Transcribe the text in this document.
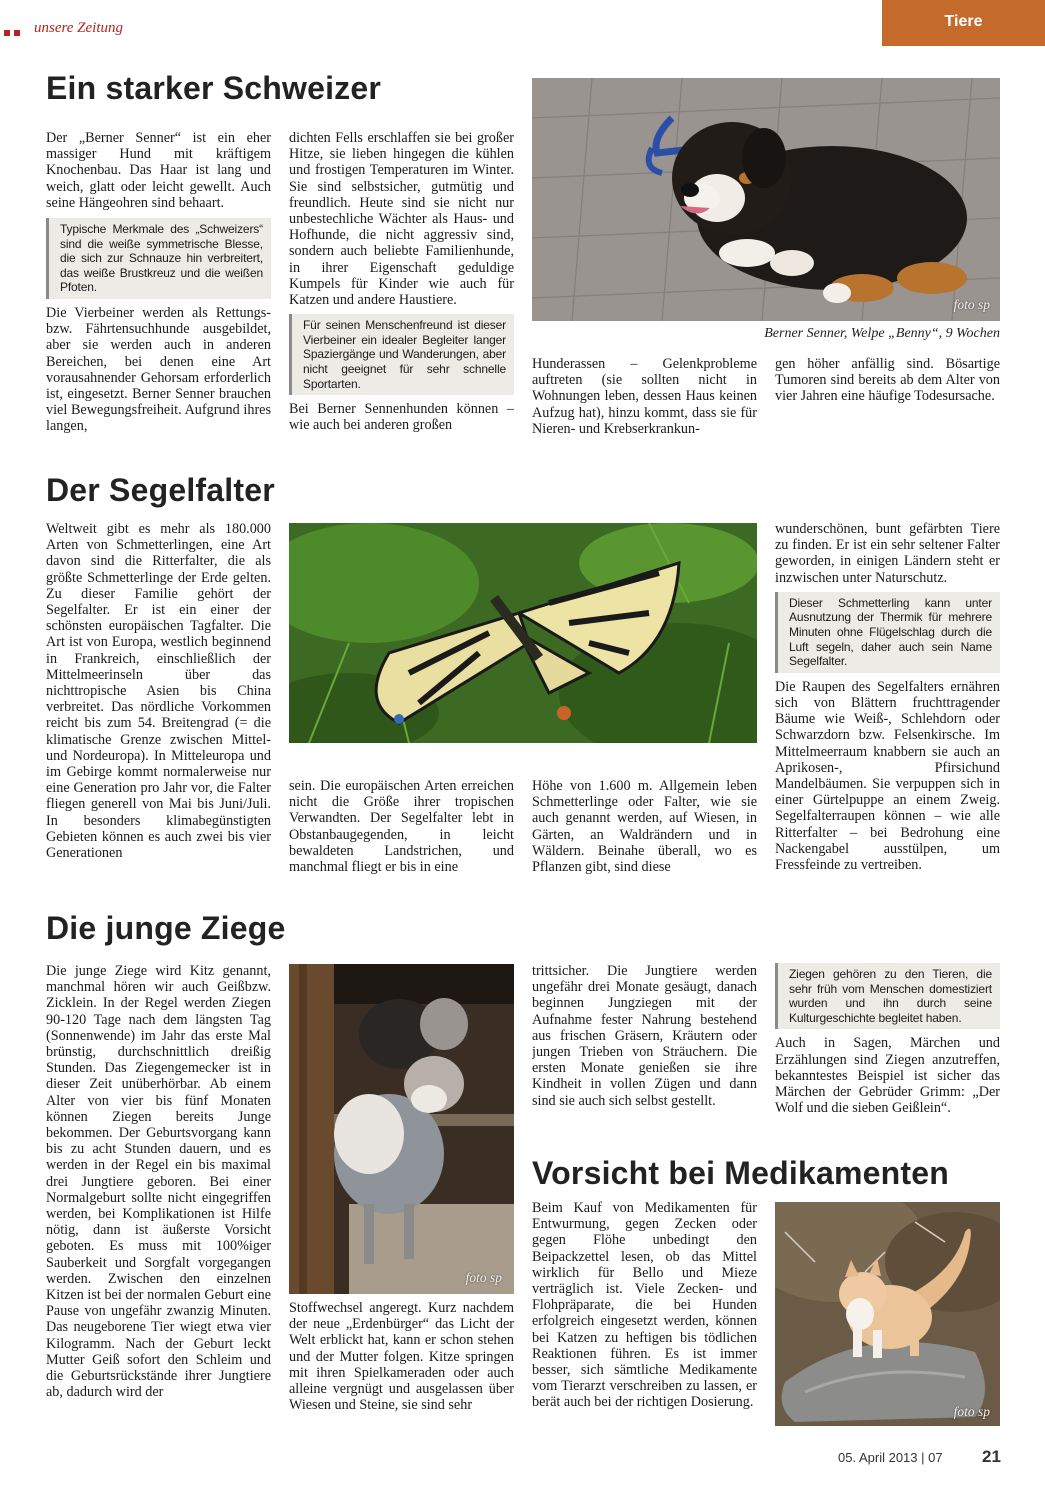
unsere Zeitung	Tiere
Ein starker Schweizer

Der „Berner Senner“ ist ein eher massiger Hund mit kräftigem Knochenbau. Das Haar ist lang und weich, glatt oder leicht gewellt. Auch seine Hängeohren sind behaart.

Typische Merkmale des „Schweizers“ sind die weiße symmetrische Blesse, die sich zur Schnauze hin verbreitert, das weiße Brustkreuz und die weißen Pfoten.

Die Vierbeiner werden als Rettungs- bzw. Fährtensuchhunde ausgebildet, aber sie werden auch in anderen Bereichen, bei denen eine Art vorausahnender Gehorsam erforderlich ist, eingesetzt. Berner Senner brauchen viel Bewegungsfreiheit. Aufgrund ihres langen,

dichten Fells erschlaffen sie bei großer Hitze, sie lieben hingegen die kühlen und frostigen Temperaturen im Winter. Sie sind selbstsicher, gutmütig und freundlich. Heute sind sie nicht nur unbestechliche Wächter als Haus- und Hofhunde, die nicht aggressiv sind, sondern auch beliebte Familienhunde, in ihrer Eigenschaft geduldige Kumpels für Kinder wie auch für Katzen und andere Haustiere.

Für seinen Menschenfreund ist dieser Vierbeiner ein idealer Begleiter langer Spaziergänge und Wanderungen, aber nicht geeignet für sehr schnelle Sportarten.

Bei Berner Sennenhunden können – wie auch bei anderen großen

foto sp
Berner Senner, Welpe „Benny“, 9 Wochen

Hunderassen – Gelenkprobleme auftreten (sie sollten nicht in Wohnungen leben, dessen Haus keinen Aufzug hat), hinzu kommt, dass sie für Nieren- und Krebserkrankun-

gen höher anfällig sind. Bösartige Tumoren sind bereits ab dem Alter von vier Jahren eine häufige Todesursache.

Der Segelfalter

Weltweit gibt es mehr als 180.000 Arten von Schmetterlingen, eine Art davon sind die Ritterfalter, die als größte Schmetterlinge der Erde gelten. Zu dieser Familie gehört der Segelfalter. Er ist ein einer der schönsten europäischen Tagfalter. Die Art ist von Europa, westlich beginnend in Frankreich, einschließlich der Mittelmeerinseln über das nichttropische Asien bis China verbreitet. Das nördliche Vorkommen reicht bis zum 54. Breitengrad (= die klimatische Grenze zwischen Mittel- und Nordeuropa). In Mitteleuropa und im Gebirge kommt normalerweise nur eine Generation pro Jahr vor, die Falter fliegen generell von Mai bis Juni/Juli. In besonders klimabegünstigten Gebieten können es auch zwei bis vier Generationen

sein. Die europäischen Arten erreichen nicht die Größe ihrer tropischen Verwandten. Der Segelfalter lebt in Obstanbaugegenden, in leicht bewaldeten Landstrichen, und manchmal fliegt er bis in eine

Höhe von 1.600 m. Allgemein leben Schmetterlinge oder Falter, wie sie auch genannt werden, auf Wiesen, in Gärten, an Waldrändern und in Wäldern. Beinahe überall, wo es Pflanzen gibt, sind diese

wunderschönen, bunt gefärbten Tiere zu finden. Er ist ein sehr seltener Falter geworden, in einigen Ländern steht er inzwischen unter Naturschutz.

Dieser Schmetterling kann unter Ausnutzung der Thermik für mehrere Minuten ohne Flügelschlag durch die Luft segeln, daher auch sein Name Segelfalter.

Die Raupen des Segelfalters ernähren sich von Blättern fruchttragender Bäume wie Weiß-, Schlehdorn oder Schwarzdorn bzw. Felsenkirsche. Im Mittelmeerraum knabbern sie auch an Aprikosen-, Pfirsichund Mandelbäumen. Sie verpuppen sich in einer Gürtelpuppe an einem Zweig. Segelfalterraupen können – wie alle Ritterfalter – bei Bedrohung eine Nackengabel ausstülpen, um Fressfeinde zu vertreiben.

Die junge Ziege

Die junge Ziege wird Kitz genannt, manchmal hören wir auch Geißbzw. Zicklein. In der Regel werden Ziegen 90-120 Tage nach dem längsten Tag (Sonnenwende) im Jahr das erste Mal brünstig, durchschnittlich dreißig Stunden. Das Ziegengemecker ist in dieser Zeit unüberhörbar. Ab einem Alter von vier bis fünf Monaten können Ziegen bereits Junge bekommen. Der Geburtsvorgang kann bis zu acht Stunden dauern, und es werden in der Regel ein bis maximal drei Jungtiere geboren. Bei einer Normalgeburt sollte nicht eingegriffen werden, bei Komplikationen ist Hilfe nötig, dann ist äußerste Vorsicht geboten. Es muss mit 100%iger Sauberkeit und Sorgfalt vorgegangen werden. Zwischen den einzelnen Kitzen ist bei der normalen Geburt eine Pause von ungefähr zwanzig Minuten. Das neugeborene Tier wiegt etwa vier Kilogramm. Nach der Geburt leckt Mutter Geiß sofort den Schleim und die Geburtsrückstände ihrer Jungtiere ab, dadurch wird der

foto sp

Stoffwechsel angeregt. Kurz nachdem der neue „Erdenbürger“ das Licht der Welt erblickt hat, kann er schon stehen und der Mutter folgen. Kitze springen mit ihren Spielkameraden oder auch alleine vergnügt und ausgelassen über Wiesen und Steine, sie sind sehr

trittsicher. Die Jungtiere werden ungefähr drei Monate gesäugt, danach beginnen Jungziegen mit der Aufnahme fester Nahrung bestehend aus frischen Gräsern, Kräutern oder jungen Trieben von Sträuchern. Die ersten Monate genießen sie ihre Kindheit in vollen Zügen und dann sind sie auch sich selbst gestellt.

Ziegen gehören zu den Tieren, die sehr früh vom Menschen domestiziert wurden und ihn durch seine Kulturgeschichte begleitet haben.

Auch in Sagen, Märchen und Erzählungen sind Ziegen anzutreffen, bekanntestes Beispiel ist sicher das Märchen der Gebrüder Grimm: „Der Wolf und die sieben Geißlein“.

Vorsicht bei Medikamenten

Beim Kauf von Medikamenten für Entwurmung, gegen Zecken oder gegen Flöhe unbedingt den Beipackzettel lesen, ob das Mittel wirklich für Bello und Mieze verträglich ist. Viele Zecken- und Flohpräparate, die bei Hunden erfolgreich eingesetzt werden, können bei Katzen zu heftigen bis tödlichen Reaktionen führen. Es ist immer besser, sich sämtliche Medikamente vom Tierarzt verschreiben zu lassen, er berät auch bei der richtigen Dosierung.

foto sp
05. April 2013 | 07 21
